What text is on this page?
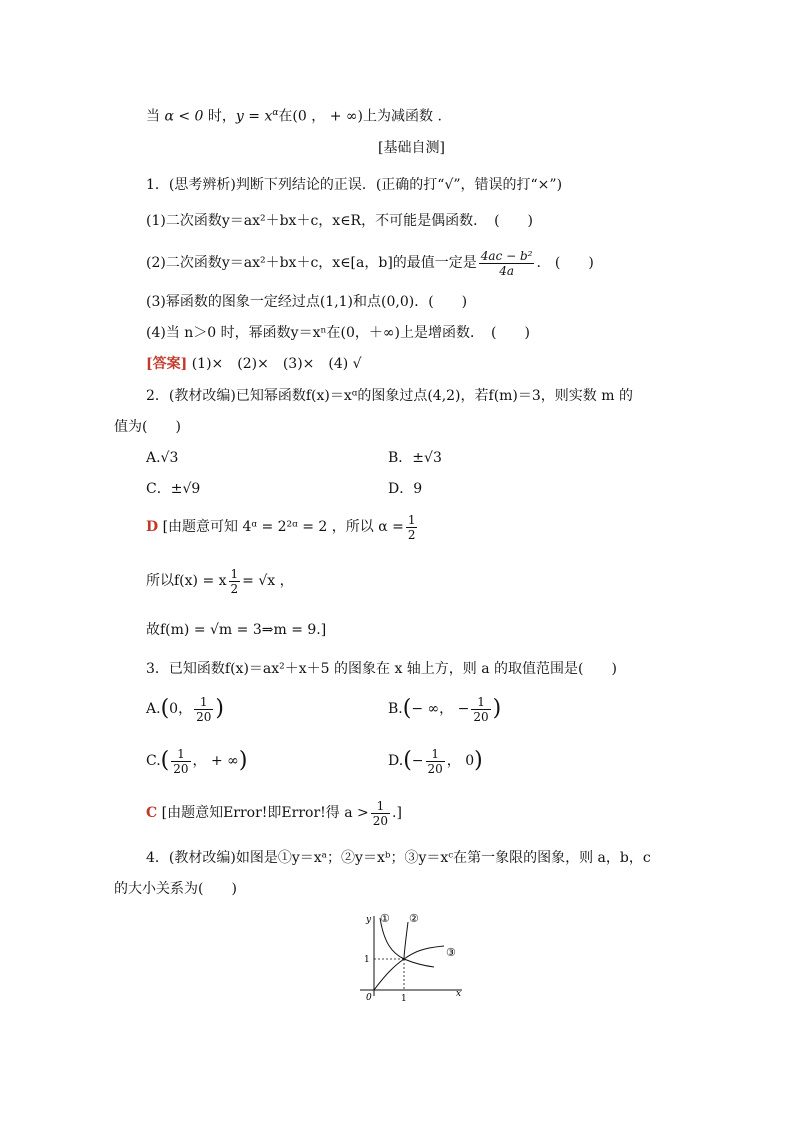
当 α < 0 时，$y = x^\alpha$在(0 ， + ∞)上为减函数 .
[基础自测]
1．(思考辨析)判断下列结论的正误．(正确的打“√”，错误的打“×”)
(1)二次函数y＝ax²＋bx＋c，x∈R，不可能是偶函数．　(　　)
(2)二次函数y＝ax²＋bx＋c，x∈[a，b]的最值一定是 $\frac{\text{4ac − b²}}{4a}$ .　(　　)
(3)幂函数的图象一定经过点(1,1)和点(0,0)．(　　)
(4)当 n＞0 时，幂函数y＝xⁿ在(0，＋∞)上是增函数．　(　　)
[答案] (1)×　(2)×　(3)×　(4) √
2．(教材改编)已知幂函数f(x)＝xᵅ的图象过点(4,2)，若f(m)＝3，则实数 m 的
值为(　　)
A.√3	B．±√3
C．±√9	D．9
D [由题意可知 4ᵅ = 2²ᵅ = 2 ，所以 $\alpha = \frac{1}{2}$
所以f(x) = x $\frac{1}{2} = √x$ ，
故f(m) = √m = 3⇒m = 9.]
3．已知函数f(x)＝ax²＋x＋5 的图象在 x 轴上方，则 a 的取值范围是(　　)
A.(0， $\frac{1}{20}$ )	B.(− ∞， − $\frac{1}{20}$ )
$C.( \frac{1}{20}$ ， + ∞)	$D.(- \frac{1}{20}$ ， 0)
C [由题意知Error!即Error!得 $a > \frac{1}{20}$ .]
4．(教材改编)如图是①y＝xᵃ；②y＝xᵇ；③y＝xᶜ在第一象限的图象，则 a，b，c
的大小关系为(　　)
y
x
0	1
1
① ②
③
